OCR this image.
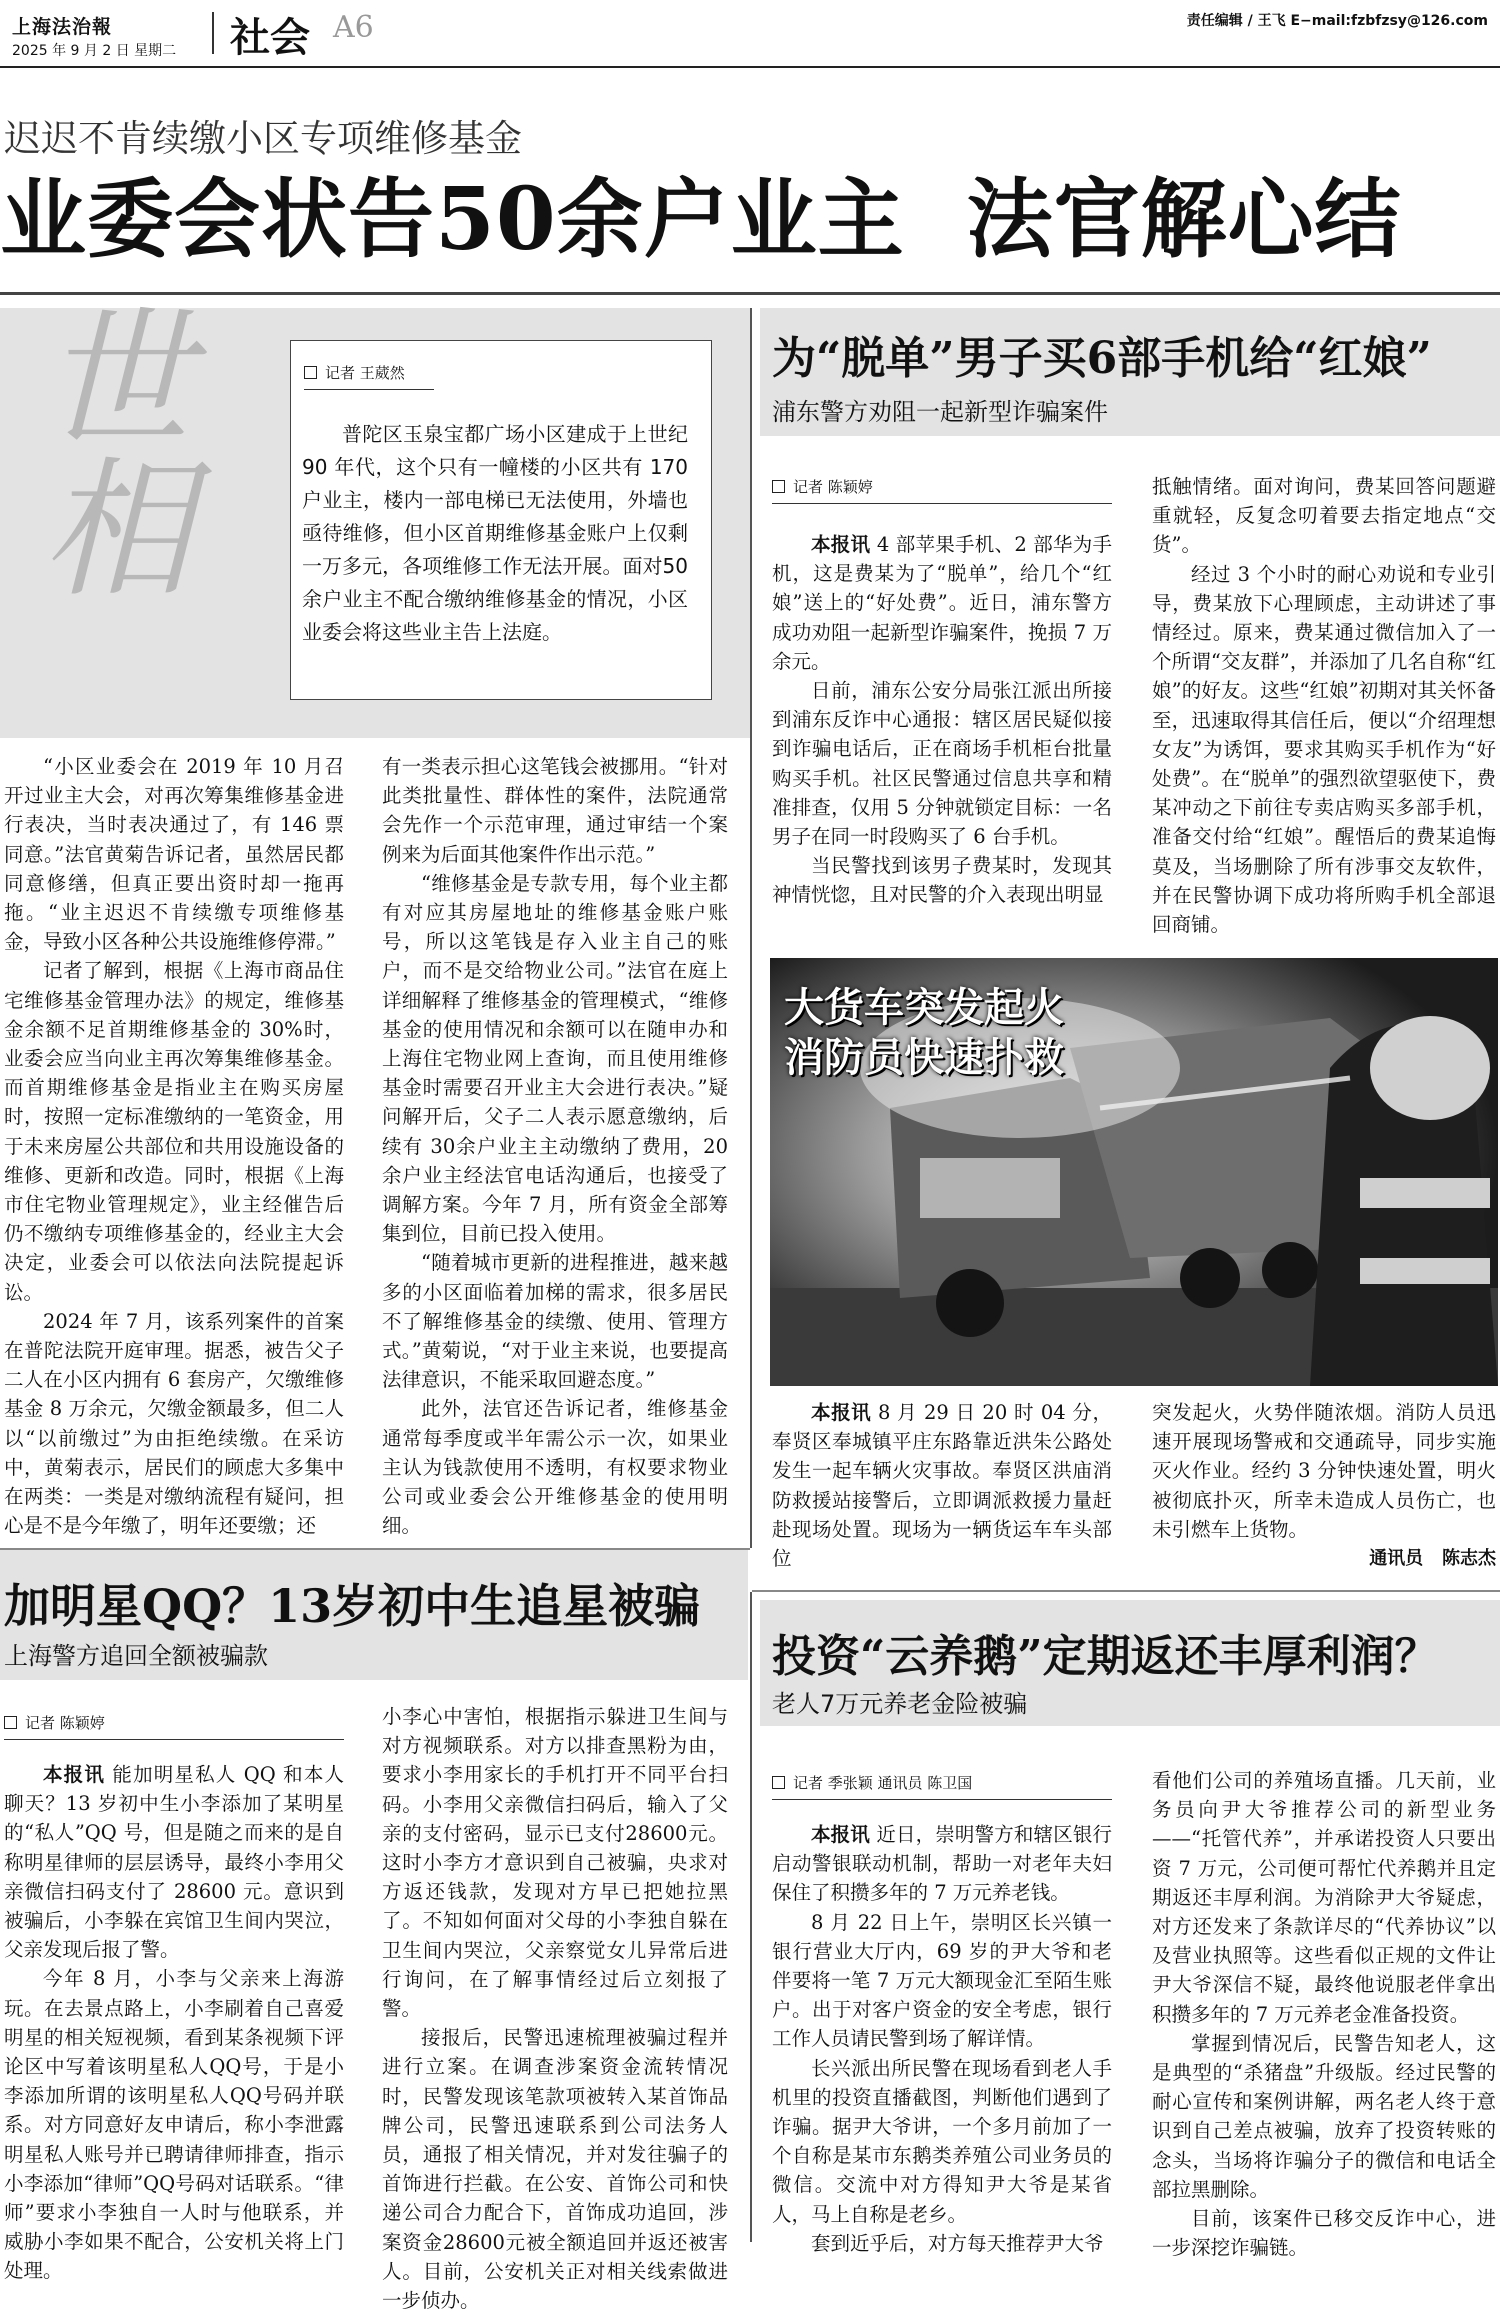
上海法治報
2025 年 9 月 2 日 星期二 社会 A6	责任编辑 / 王飞 E−mail:fzbfzsy@126.com
迟迟不肯续缴小区专项维修基金
业委会状告50余户业主  法官解心结
世相	记者 王葳然
普陀区玉泉宝都广场小区建成于上世纪 90 年代，这个只有一幢楼的小区共有 170 户业主，楼内一部电梯已无法使用，外墙也亟待维修，但小区首期维修基金账户上仅剩一万多元，各项维修工作无法开展。面对50余户业主不配合缴纳维修基金的情况，小区业委会将这些业主告上法庭。

“小区业委会在 2019 年 10 月召开过业主大会，对再次筹集维修基金进行表决，当时表决通过了，有 146 票同意。”法官黄菊告诉记者，虽然居民都同意修缮，但真正要出资时却一拖再拖。“业主迟迟不肯续缴专项维修基金，导致小区各种公共设施维修停滞。”

记者了解到，根据《上海市商品住宅维修基金管理办法》的规定，维修基金余额不足首期维修基金的 30%时，业委会应当向业主再次筹集维修基金。而首期维修基金是指业主在购买房屋时，按照一定标准缴纳的一笔资金，用于未来房屋公共部位和共用设施设备的维修、更新和改造。同时，根据《上海市住宅物业管理规定》，业主经催告后仍不缴纳专项维修基金的，经业主大会决定，业委会可以依法向法院提起诉讼。

2024 年 7 月，该系列案件的首案在普陀法院开庭审理。据悉，被告父子二人在小区内拥有 6 套房产，欠缴维修基金 8 万余元，欠缴金额最多，但二人以“以前缴过”为由拒绝续缴。在采访中，黄菊表示，居民们的顾虑大多集中在两类：一类是对缴纳流程有疑问，担心是不是今年缴了，明年还要缴；还

有一类表示担心这笔钱会被挪用。“针对此类批量性、群体性的案件，法院通常会先作一个示范审理，通过审结一个案例来为后面其他案件作出示范。”

“维修基金是专款专用，每个业主都有对应其房屋地址的维修基金账户账号，所以这笔钱是存入业主自己的账户，而不是交给物业公司。”法官在庭上详细解释了维修基金的管理模式，“维修基金的使用情况和余额可以在随申办和上海住宅物业网上查询，而且使用维修基金时需要召开业主大会进行表决。”疑问解开后，父子二人表示愿意缴纳，后续有 30余户业主主动缴纳了费用，20余户业主经法官电话沟通后，也接受了调解方案。今年 7 月，所有资金全部筹集到位，目前已投入使用。

“随着城市更新的进程推进，越来越多的小区面临着加梯的需求，很多居民不了解维修基金的续缴、使用、管理方式。”黄菊说，“对于业主来说，也要提高法律意识，不能采取回避态度。”

此外，法官还告诉记者，维修基金通常每季度或半年需公示一次，如果业主认为钱款使用不透明，有权要求物业公司或业委会公开维修基金的使用明细。

为“脱单”男子买6部手机给“红娘”
浦东警方劝阻一起新型诈骗案件
记者 陈颖婷

本报讯 4 部苹果手机、2 部华为手机，这是费某为了“脱单”，给几个“红娘”送上的“好处费”。近日，浦东警方成功劝阻一起新型诈骗案件，挽损 7 万余元。

日前，浦东公安分局张江派出所接到浦东反诈中心通报：辖区居民疑似接到诈骗电话后，正在商场手机柜台批量购买手机。社区民警通过信息共享和精准排查，仅用 5 分钟就锁定目标：一名男子在同一时段购买了 6 台手机。

当民警找到该男子费某时，发现其神情恍惚，且对民警的介入表现出明显

抵触情绪。面对询问，费某回答问题避重就轻，反复念叨着要去指定地点“交货”。

经过 3 个小时的耐心劝说和专业引导，费某放下心理顾虑，主动讲述了事情经过。原来，费某通过微信加入了一个所谓“交友群”，并添加了几名自称“红娘”的好友。这些“红娘”初期对其关怀备至，迅速取得其信任后，便以“介绍理想女友”为诱饵，要求其购买手机作为“好处费”。在“脱单”的强烈欲望驱使下，费某冲动之下前往专卖店购买多部手机，准备交付给“红娘”。醒悟后的费某追悔莫及，当场删除了所有涉事交友软件，并在民警协调下成功将所购手机全部退回商铺。

大货车突发起火
消防员快速扑救

本报讯 8 月 29 日 20 时 04 分，奉贤区奉城镇平庄东路靠近洪朱公路处发生一起车辆火灾事故。奉贤区洪庙消防救援站接警后，立即调派救援力量赶赴现场处置。现场为一辆货运车车头部位

突发起火，火势伴随浓烟。消防人员迅速开展现场警戒和交通疏导，同步实施灭火作业。经约 3 分钟快速处置，明火被彻底扑灭，所幸未造成人员伤亡，也未引燃车上货物。

通讯员   陈志杰
加明星QQ？13岁初中生追星被骗
上海警方追回全额被骗款
记者 陈颖婷

本报讯 能加明星私人 QQ 和本人聊天？13 岁初中生小李添加了某明星的“私人”QQ 号，但是随之而来的是自称明星律师的层层诱导，最终小李用父亲微信扫码支付了 28600 元。意识到被骗后，小李躲在宾馆卫生间内哭泣，父亲发现后报了警。

今年 8 月，小李与父亲来上海游玩。在去景点路上，小李刷着自己喜爱明星的相关短视频，看到某条视频下评论区中写着该明星私人QQ号，于是小李添加所谓的该明星私人QQ号码并联系。对方同意好友申请后，称小李泄露明星私人账号并已聘请律师排查，指示小李添加“律师”QQ号码对话联系。“律师”要求小李独自一人时与他联系，并威胁小李如果不配合，公安机关将上门处理。

小李心中害怕，根据指示躲进卫生间与对方视频联系。对方以排查黑粉为由，要求小李用家长的手机打开不同平台扫码。小李用父亲微信扫码后，输入了父亲的支付密码，显示已支付28600元。这时小李方才意识到自己被骗，央求对方返还钱款，发现对方早已把她拉黑了。不知如何面对父母的小李独自躲在卫生间内哭泣，父亲察觉女儿异常后进行询问，在了解事情经过后立刻报了警。

接报后，民警迅速梳理被骗过程并进行立案。在调查涉案资金流转情况时，民警发现该笔款项被转入某首饰品牌公司，民警迅速联系到公司法务人员，通报了相关情况，并对发往骗子的首饰进行拦截。在公安、首饰公司和快递公司合力配合下，首饰成功追回，涉案资金28600元被全额追回并返还被害人。目前，公安机关正对相关线索做进一步侦办。

投资“云养鹅”定期返还丰厚利润？
老人7万元养老金险被骗
记者 季张颖 通讯员 陈卫国

本报讯 近日，崇明警方和辖区银行启动警银联动机制，帮助一对老年夫妇保住了积攒多年的 7 万元养老钱。

8 月 22 日上午，崇明区长兴镇一银行营业大厅内，69 岁的尹大爷和老伴要将一笔 7 万元大额现金汇至陌生账户。出于对客户资金的安全考虑，银行工作人员请民警到场了解详情。

长兴派出所民警在现场看到老人手机里的投资直播截图，判断他们遇到了诈骗。据尹大爷讲，一个多月前加了一个自称是某市东鹅类养殖公司业务员的微信。交流中对方得知尹大爷是某省人，马上自称是老乡。

套到近乎后，对方每天推荐尹大爷

看他们公司的养殖场直播。几天前，业务员向尹大爷推荐公司的新型业务——“托管代养”，并承诺投资人只要出资 7 万元，公司便可帮忙代养鹅并且定期返还丰厚利润。为消除尹大爷疑虑，对方还发来了条款详尽的“代养协议”以及营业执照等。这些看似正规的文件让尹大爷深信不疑，最终他说服老伴拿出积攒多年的 7 万元养老金准备投资。

掌握到情况后，民警告知老人，这是典型的“杀猪盘”升级版。经过民警的耐心宣传和案例讲解，两名老人终于意识到自己差点被骗，放弃了投资转账的念头，当场将诈骗分子的微信和电话全部拉黑删除。

目前，该案件已移交反诈中心，进一步深挖诈骗链。
